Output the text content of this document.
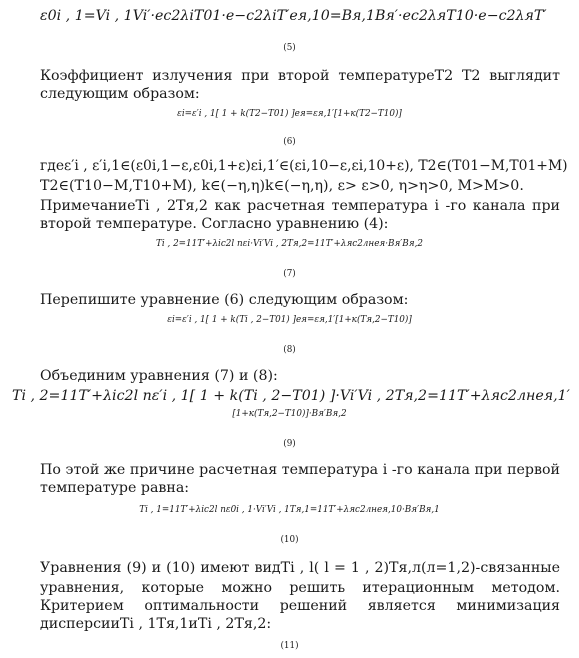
ε0i , 1=Vi , 1Vi′·ec2λiT01·e−c2λiT′ея,10=Вя,1Вя′·ec2λяT10·e−c2λяT′
(5)
Коэффициент излучения при второй температуреT2 T2 выглядит
следующим образом:
εi=ε′i , 1[ 1 + k(T2−T01) ]ея=εя,1′[1+к(T2−T10)]
(6)
гдеε′i , ε′i,1∈(ε0i,1−ε,ε0i,1+ε)εi,1′∈(εi,10−ε,εi,10+ε), T2∈(T01−M,T01+M)
T2∈(T10−M,T10+M), k∈(−η,η)k∈(−η,η), ε> ε>0, η>η>0, M>M>0.
ПримечаниеTi , 2Тя,2 как расчетная температура i -го канала при
второй температуре. Согласно уравнению (4):
Ti , 2=11T′+λic2l nεi·Vi′Vi , 2Тя,2=11Т′+λяс2лнея·Вя′Вя,2
(7)
Перепишите уравнение (6) следующим образом:
εi=ε′i , 1[ 1 + k(Ti , 2−T01) ]ея=εя,1′[1+к(Тя,2−Т10)]
(8)
Объединим уравнения (7) и (8):
Ti , 2=11T′+λic2l nε′i , 1[ 1 + k(Ti , 2−T01) ]·Vi′Vi , 2Тя,2=11Т′+λяс2лнея,1′
[1+к(Тя,2−Т10)]·Вя′Вя,2
(9)
По этой же причине расчетная температура i -го канала при первой
температуре равна:
Ti , 1=11T′+λic2l nε0i , 1·Vi′Vi , 1Тя,1=11Т′+λяс2лнея,10·Вя′Вя,1
(10)
Уравнения (9) и (10) имеют видTi , l( l = 1 , 2)Тя,л(л=1,2)-связанные
уравнения, которые можно решить итерационным методом.
Критерием оптимальности решений является минимизация
дисперсииTi , 1Тя,1иTi , 2Тя,2:
(11)
